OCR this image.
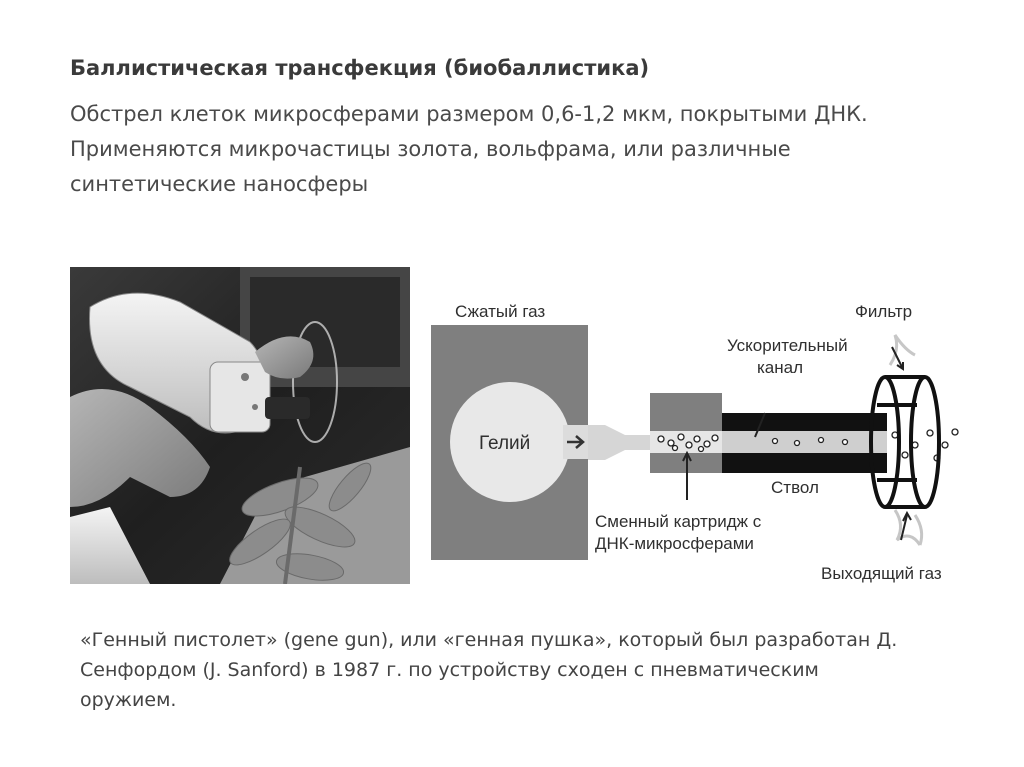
Баллистическая трансфекция (биобаллистика)
Обстрел клеток микросферами размером 0,6-1,2 мкм, покрытыми ДНК.
Применяются микрочастицы золота, вольфрама, или различные
синтетические наносферы
Сжатый газ
Гелий
Фильтр
Ускорительный
канал
Ствол
Сменный картридж с
ДНК-микросферами
Выходящий газ
«Генный пистолет» (gene gun), или «генная пушка», который был разработан Д.
Сенфордом (J. Sanford) в 1987 г. по устройству сходен с пневматическим
оружием.
